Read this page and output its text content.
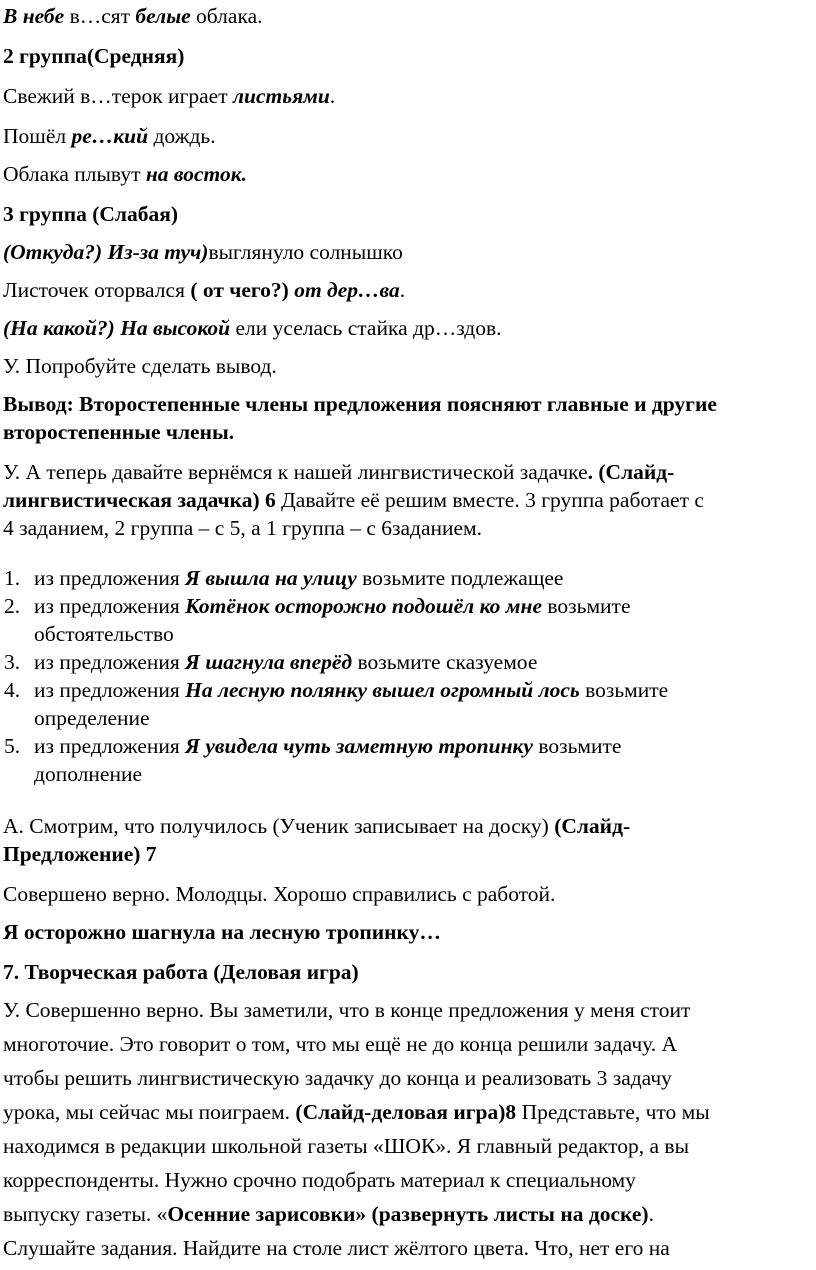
В небе в…сят белые облака.

2 группа(Средняя)

Свежий в…терок играет листьями.

Пошёл ре…кий дождь.

Облака плывут на восток.

3 группа (Слабая)

(Откуда?) Из-за туч)выглянуло солнышко

Листочек оторвался ( от чего?) от дер…ва.

(На какой?) На высокой ели уселась стайка др…здов.

У. Попробуйте сделать вывод.

Вывод: Второстепенные члены предложения поясняют главные и другие

второстепенные члены.

У. А теперь давайте вернёмся к нашей лингвистической задачке. (Слайд-

лингвистическая задачка) 6 Давайте её решим вместе. 3 группа работает с

4 заданием, 2 группа – с 5, а 1 группа – с 6заданием.

1. из предложения Я вышла на улицу возьмите подлежащее
2. из предложения Котёнок осторожно подошёл ко мне возьмите
обстоятельство
3. из предложения Я шагнула вперёд возьмите сказуемое
4. из предложения На лесную полянку вышел огромный лось возьмите
определение
5. из предложения Я увидела чуть заметную тропинку возьмите
дополнение

А. Смотрим, что получилось (Ученик записывает на доску) (Слайд-

Предложение) 7

Совершено верно. Молодцы. Хорошо справились с работой.

Я осторожно шагнула на лесную тропинку…

7. Творческая работа (Деловая игра)

У. Совершенно верно. Вы заметили, что в конце предложения у меня стоит

многоточие. Это говорит о том, что мы ещё не до конца решили задачу. А

чтобы решить лингвистическую задачку до конца и реализовать 3 задачу

урока, мы сейчас мы поиграем. (Слайд-деловая игра)8 Представьте, что мы

находимся в редакции школьной газеты «ШОК». Я главный редактор, а вы

корреспонденты. Нужно срочно подобрать материал к специальному

выпуску газеты. «Осенние зарисовки» (развернуть листы на доске).

Слушайте задания. Найдите на столе лист жёлтого цвета. Что, нет его на
